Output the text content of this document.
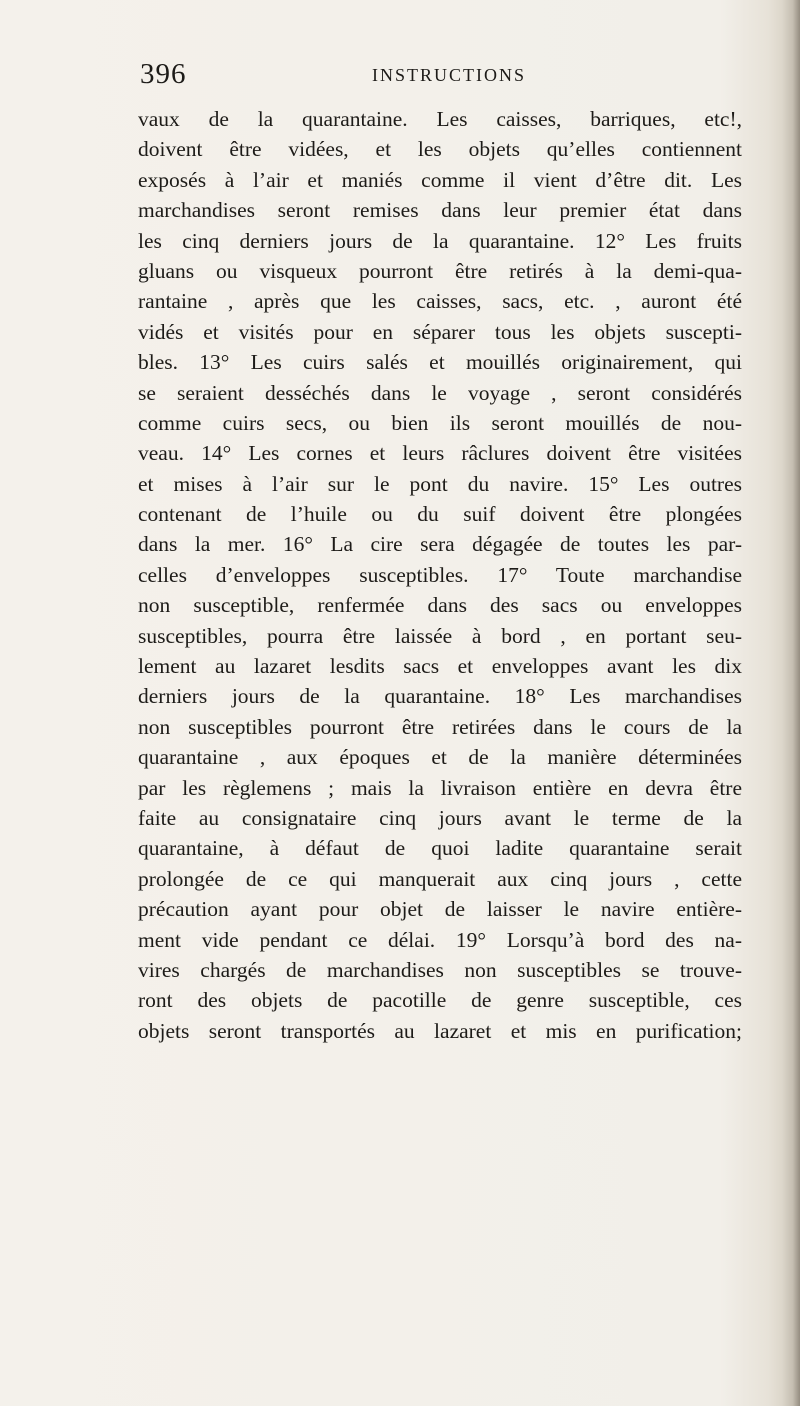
396	INSTRUCTIONS
vaux de la quarantaine. Les caisses, barriques, etc!,
doivent être vidées, et les objets qu’elles contiennent
exposés à l’air et maniés comme il vient d’être dit. Les
marchandises seront remises dans leur premier état dans
les cinq derniers jours de la quarantaine. 12° Les fruits
gluans ou visqueux pourront être retirés à la demi-qua-
rantaine , après que les caisses, sacs, etc. , auront été
vidés et visités pour en séparer tous les objets suscepti-
bles. 13° Les cuirs salés et mouillés originairement, qui
se seraient desséchés dans le voyage , seront considérés
comme cuirs secs, ou bien ils seront mouillés de nou-
veau. 14° Les cornes et leurs râclures doivent être visitées
et mises à l’air sur le pont du navire. 15° Les outres
contenant de l’huile ou du suif doivent être plongées
dans la mer. 16° La cire sera dégagée de toutes les par-
celles d’enveloppes susceptibles. 17° Toute marchandise
non susceptible, renfermée dans des sacs ou enveloppes
susceptibles, pourra être laissée à bord , en portant seu-
lement au lazaret lesdits sacs et enveloppes avant les dix
derniers jours de la quarantaine. 18° Les marchandises
non susceptibles pourront être retirées dans le cours de la
quarantaine , aux époques et de la manière déterminées
par les règlemens ; mais la livraison entière en devra être
faite au consignataire cinq jours avant le terme de la
quarantaine, à défaut de quoi ladite quarantaine serait
prolongée de ce qui manquerait aux cinq jours , cette
précaution ayant pour objet de laisser le navire entière-
ment vide pendant ce délai. 19° Lorsqu’à bord des na-
vires chargés de marchandises non susceptibles se trouve-
ront des objets de pacotille de genre susceptible, ces
objets seront transportés au lazaret et mis en purification;
